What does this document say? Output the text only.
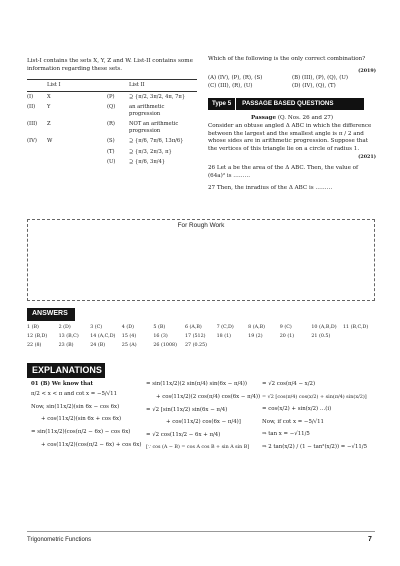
List-I contains the sets X, Y, Z and W. List-II contains some information regarding these sets.
	List I		List II
(I)	X	(P)	⊇ {π/2, 3π/2, 4π, 7π}
(II)	Y	(Q)	an arithmetic progression
(III)	Z	(R)	NOT an arithmetic progression
(IV)	W	(S)	⊇ {π/6, 7π/6, 13π/6}
		(T)	⊇ {π/3, 2π/3, π}
		(U)	⊇ {π/6, 3π/4}
Which of the following is the only correct combination?
(2019)
(A) (IV), (P), (R), (S)	(B) (III), (P), (Q), (U)
(C) (III), (R), (U)	(D) (IV), (Q), (T)
Type 5	PASSAGE BASED QUESTIONS
Passage (Q. Nos. 26 and 27)
Consider an obtuse angled Δ ABC in which the difference between the largest and the smallest angle is π / 2 and whose sides are in arithmetic progression. Suppose that the vertices of this triangle lie on a circle of radius 1.
(2021)
26 Let a be the area of the Δ ABC. Then, the value of (64a)² is ………
27 Then, the inradius of the Δ ABC is ………
For Rough Work
ANSWERS
1 (B)	2 (D)	3 (C)	4 (D)	5 (B)	6 (A,B)	7 (C,D)	8 (A,B)	9 (C)	10 (A,B,D)	11 (B,C,D)
12 (B,D)	13 (B,C)	14 (A,C,D)	15 (4)	16 (3)	17 (512)	18 (1)	19 (2)	20 (1)	21 (0.5)
22 (8)	23 (B)	24 (B)	25 (A)	26 (1008)	27 (0.25)
EXPLANATIONS
01 (B) We know that
π/2 < x < π and cot x = −5/√11
Now, sin(11x/2)(sin 6x − cos 6x)
+ cos(11x/2)(sin 6x + cos 6x)
= sin(11x/2)(cos(π/2 − 6x) − cos 6x)
+ cos(11x/2)(cos(π/2 − 6x) + cos 6x)
= sin(11x/2)(2 sin(π/4) sin(6x − π/4))
+ cos(11x/2)(2 cos(π/4) cos(6x − π/4))
= √2 [sin(11x/2) sin(6x − π/4)
+ cos(11x/2) cos(6x − π/4)]
= √2 cos(11x/2 − 6x + π/4)
[∵ cos (A − B) = cos A cos B + sin A sin B]
= √2 cos(π/4 − x/2)
= √2 [cos(π/4) cos(x/2) + sin(π/4) sin(x/2)]
= cos(x/2) + sin(x/2) …(i)
Now, if cot x = −5/√11
⇒ tan x = −√11/5
⇒ 2 tan(x/2) / (1 − tan²(x/2)) = −√11/5
Trigonometric Functions	7
